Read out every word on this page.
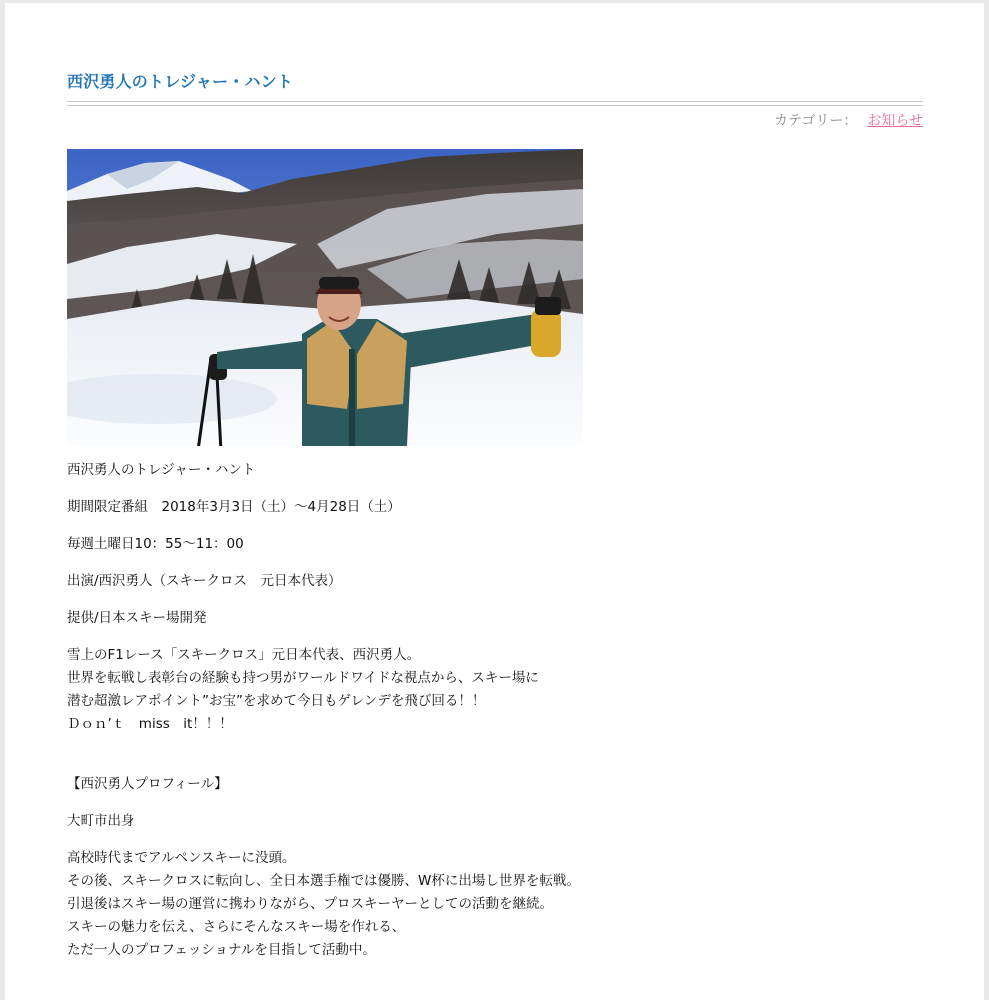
西沢勇人のトレジャー・ハント
カテゴリー： お知らせ

西沢勇人のトレジャー・ハント

期間限定番組　2018年3月3日（土）～4月28日（土）

毎週土曜日10：55～11：00

出演/西沢勇人（スキークロス　元日本代表）

提供/日本スキー場開発

雪上のF1レース「スキークロス」元日本代表、西沢勇人。
世界を転戦し表彰台の経験も持つ男がワールドワイドな視点から、スキー場に
潜む超激レアポイント”お宝”を求めて今日もゲレンデを飛び回る！！
Ｄｏｎ’ｔ　miss　it！！！

【西沢勇人プロフィール】

大町市出身

高校時代までアルペンスキーに没頭。
その後、スキークロスに転向し、全日本選手権では優勝、W杯に出場し世界を転戦。
引退後はスキー場の運営に携わりながら、プロスキーヤーとしての活動を継続。
スキーの魅力を伝え、さらにそんなスキー場を作れる、
ただ一人のプロフェッショナルを目指して活動中。
